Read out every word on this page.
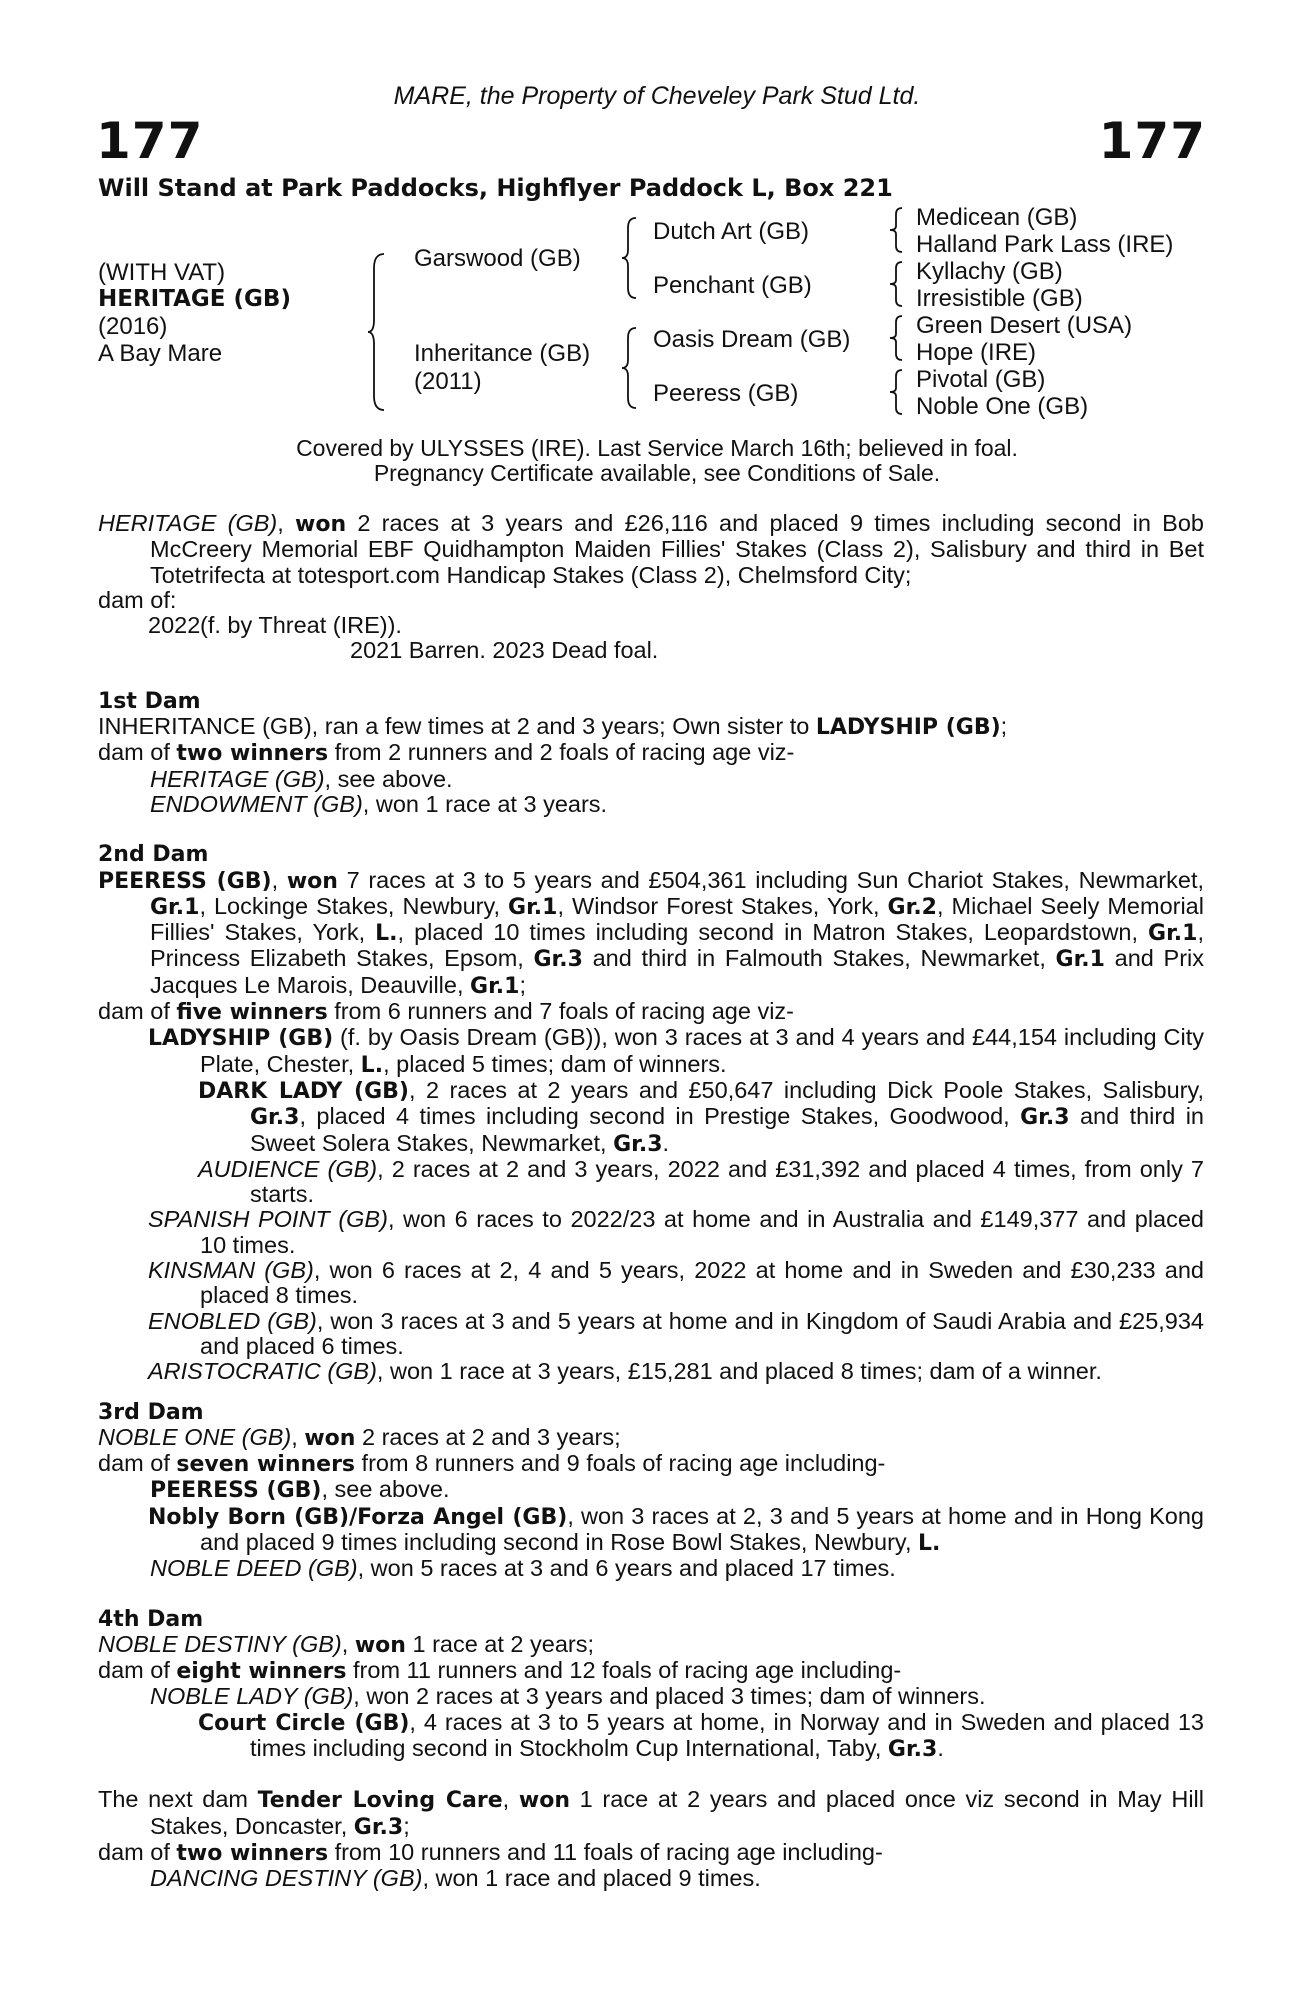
MARE, the Property of Cheveley Park Stud Ltd.
177	177
Will Stand at Park Paddocks, Highflyer Paddock L, Box 221
(WITH VAT)
HERITAGE (GB)
(2016)
A Bay Mare
Garswood (GB)
Inheritance (GB)
(2011)
Dutch Art (GB)
Penchant (GB)
Oasis Dream (GB)
Peeress (GB)
Medicean (GB)
Halland Park Lass (IRE)
Kyllachy (GB)
Irresistible (GB)
Green Desert (USA)
Hope (IRE)
Pivotal (GB)
Noble One (GB)
Covered by ULYSSES (IRE). Last Service March 16th; believed in foal.
Pregnancy Certificate available, see Conditions of Sale.

HERITAGE (GB), won 2 races at 3 years and £26,116 and placed 9 times including second in Bob McCreery Memorial EBF Quidhampton Maiden Fillies' Stakes (Class 2), Salisbury and third in Bet Totetrifecta at totesport.com Handicap Stakes (Class 2), Chelmsford City;

dam of:

2022 (f. by Threat (IRE)).

2021 Barren. 2023 Dead foal.

1st Dam

INHERITANCE (GB), ran a few times at 2 and 3 years; Own sister to LADYSHIP (GB);

dam of two winners from 2 runners and 2 foals of racing age viz-

HERITAGE (GB), see above.

ENDOWMENT (GB), won 1 race at 3 years.

2nd Dam

PEERESS (GB), won 7 races at 3 to 5 years and £504,361 including Sun Chariot Stakes, Newmarket, Gr.1, Lockinge Stakes, Newbury, Gr.1, Windsor Forest Stakes, York, Gr.2, Michael Seely Memorial Fillies' Stakes, York, L., placed 10 times including second in Matron Stakes, Leopardstown, Gr.1, Princess Elizabeth Stakes, Epsom, Gr.3 and third in Falmouth Stakes, Newmarket, Gr.1 and Prix Jacques Le Marois, Deauville, Gr.1;

dam of five winners from 6 runners and 7 foals of racing age viz-

LADYSHIP (GB) (f. by Oasis Dream (GB)), won 3 races at 3 and 4 years and £44,154 including City Plate, Chester, L., placed 5 times; dam of winners.

DARK LADY (GB), 2 races at 2 years and £50,647 including Dick Poole Stakes, Salisbury, Gr.3, placed 4 times including second in Prestige Stakes, Goodwood, Gr.3 and third in Sweet Solera Stakes, Newmarket, Gr.3.

AUDIENCE (GB), 2 races at 2 and 3 years, 2022 and £31,392 and placed 4 times, from only 7 starts.

SPANISH POINT (GB), won 6 races to 2022/23 at home and in Australia and £149,377 and placed 10 times.

KINSMAN (GB), won 6 races at 2, 4 and 5 years, 2022 at home and in Sweden and £30,233 and placed 8 times.

ENOBLED (GB), won 3 races at 3 and 5 years at home and in Kingdom of Saudi Arabia and £25,934 and placed 6 times.

ARISTOCRATIC (GB), won 1 race at 3 years, £15,281 and placed 8 times; dam of a winner.

3rd Dam

NOBLE ONE (GB), won 2 races at 2 and 3 years;

dam of seven winners from 8 runners and 9 foals of racing age including-

PEERESS (GB), see above.

Nobly Born (GB)/Forza Angel (GB), won 3 races at 2, 3 and 5 years at home and in Hong Kong and placed 9 times including second in Rose Bowl Stakes, Newbury, L.

NOBLE DEED (GB), won 5 races at 3 and 6 years and placed 17 times.

4th Dam

NOBLE DESTINY (GB), won 1 race at 2 years;

dam of eight winners from 11 runners and 12 foals of racing age including-

NOBLE LADY (GB), won 2 races at 3 years and placed 3 times; dam of winners.

Court Circle (GB), 4 races at 3 to 5 years at home, in Norway and in Sweden and placed 13 times including second in Stockholm Cup International, Taby, Gr.3.

The next dam Tender Loving Care, won 1 race at 2 years and placed once viz second in May Hill Stakes, Doncaster, Gr.3;

dam of two winners from 10 runners and 11 foals of racing age including-

DANCING DESTINY (GB), won 1 race and placed 9 times.
